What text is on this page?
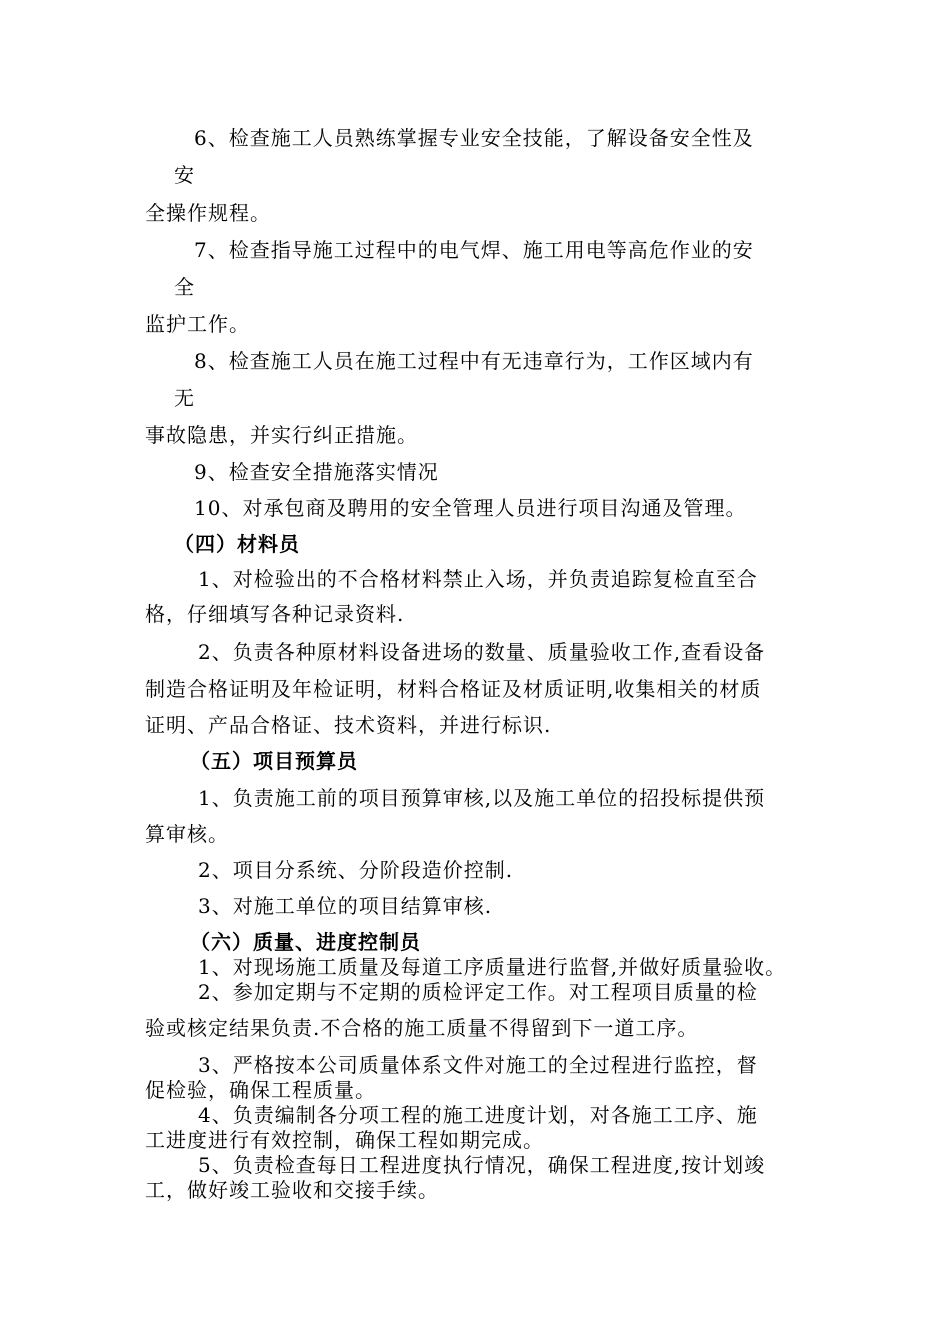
6、检查施工人员熟练掌握专业安全技能，了解设备安全性及
安
全操作规程。
7、检查指导施工过程中的电气焊、施工用电等高危作业的安
全
监护工作。
8、检查施工人员在施工过程中有无违章行为，工作区域内有
无
事故隐患，并实行纠正措施。
9、检查安全措施落实情况
10、对承包商及聘用的安全管理人员进行项目沟通及管理。
（四）材料员
1、对检验出的不合格材料禁止入场，并负责追踪复检直至合
格，仔细填写各种记录资料.
2、负责各种原材料设备进场的数量、质量验收工作,查看设备
制造合格证明及年检证明，材料合格证及材质证明,收集相关的材质
证明、产品合格证、技术资料，并进行标识.
（五）项目预算员
1、负责施工前的项目预算审核,以及施工单位的招投标提供预
算审核。
2、项目分系统、分阶段造价控制.
3、对施工单位的项目结算审核.
（六）质量、进度控制员
1、对现场施工质量及每道工序质量进行监督,并做好质量验收。
2、参加定期与不定期的质检评定工作。对工程项目质量的检
验或核定结果负责.不合格的施工质量不得留到下一道工序。
3、严格按本公司质量体系文件对施工的全过程进行监控，督
促检验，确保工程质量。
4、负责编制各分项工程的施工进度计划，对各施工工序、施
工进度进行有效控制，确保工程如期完成。
5、负责检查每日工程进度执行情况，确保工程进度,按计划竣
工，做好竣工验收和交接手续。
